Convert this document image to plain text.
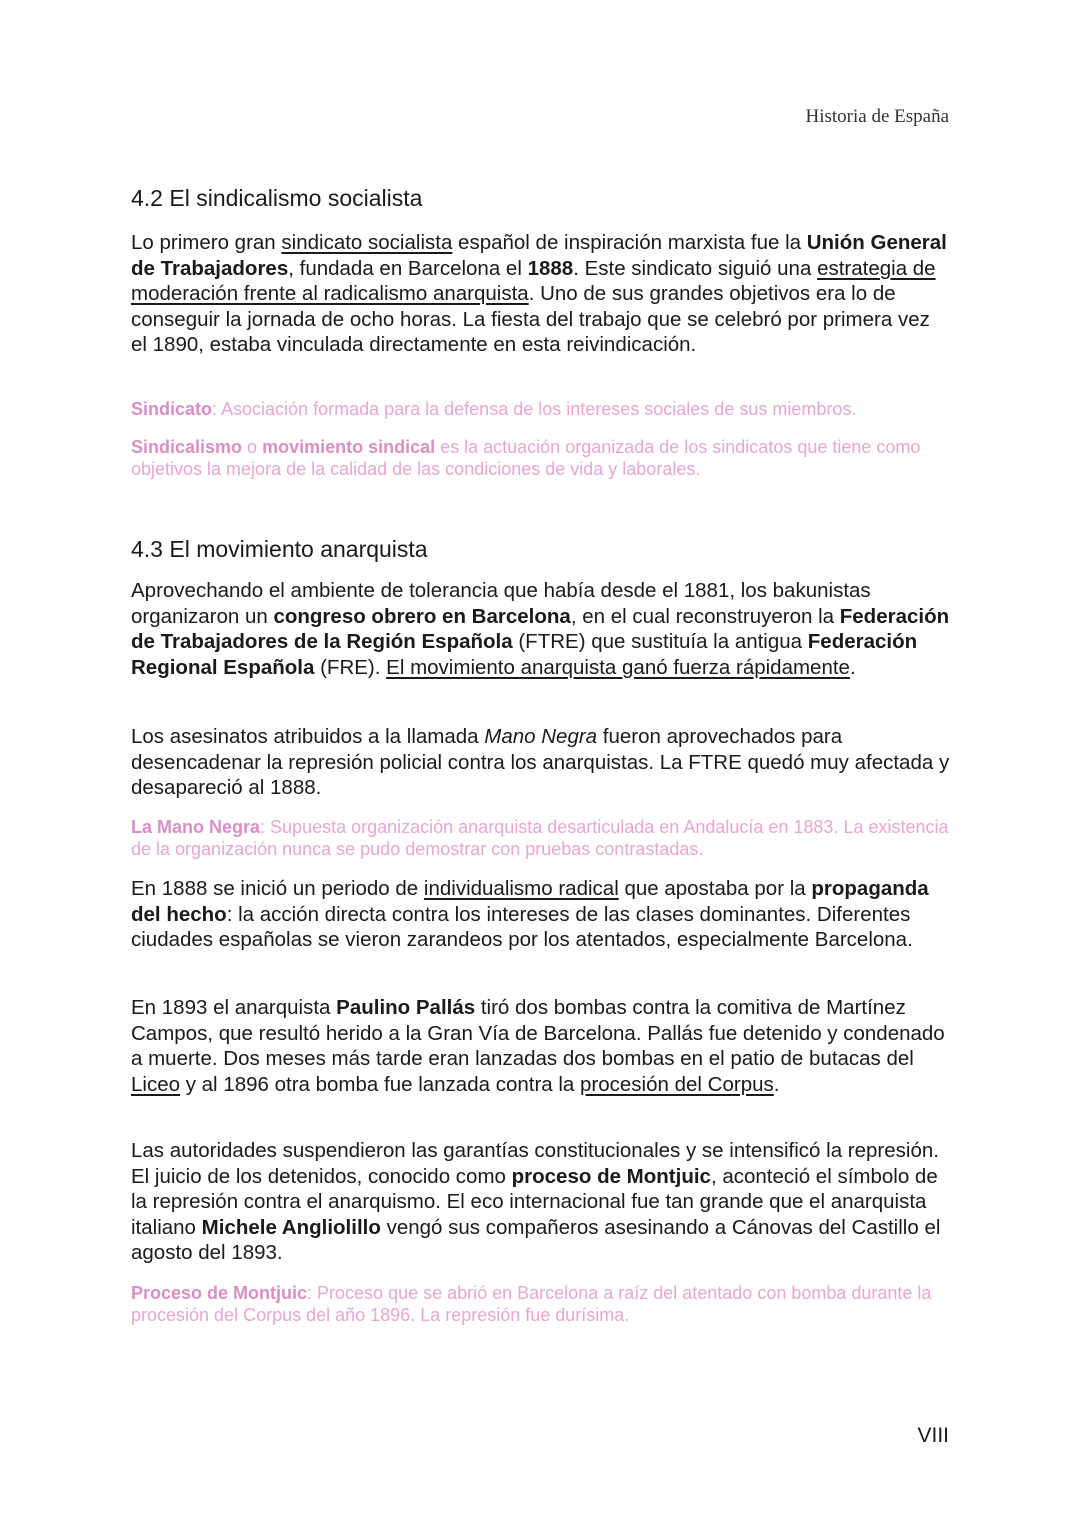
Historia de España
4.2 El sindicalismo socialista

Lo primero gran sindicato socialista español de inspiración marxista fue la Unión General de Trabajadores, fundada en Barcelona el 1888. Este sindicato siguió una estrategia de moderación frente al radicalismo anarquista. Uno de sus grandes objetivos era lo de conseguir la jornada de ocho horas. La fiesta del trabajo que se celebró por primera vez el 1890, estaba vinculada directamente en esta reivindicación.

Sindicato: Asociación formada para la defensa de los intereses sociales de sus miembros.

Sindicalismo o movimiento sindical es la actuación organizada de los sindicatos que tiene como objetivos la mejora de la calidad de las condiciones de vida y laborales.

4.3 El movimiento anarquista

Aprovechando el ambiente de tolerancia que había desde el 1881, los bakunistas organizaron un congreso obrero en Barcelona, en el cual reconstruyeron la Federación de Trabajadores de la Región Española (FTRE) que sustituía la antigua Federación Regional Española (FRE). El movimiento anarquista ganó fuerza rápidamente.

Los asesinatos atribuidos a la llamada Mano Negra fueron aprovechados para desencadenar la represión policial contra los anarquistas. La FTRE quedó muy afectada y desapareció al 1888.

La Mano Negra: Supuesta organización anarquista desarticulada en Andalucía en 1883. La existencia de la organización nunca se pudo demostrar con pruebas contrastadas.

En 1888 se inició un periodo de individualismo radical que apostaba por la propaganda del hecho: la acción directa contra los intereses de las clases dominantes. Diferentes ciudades españolas se vieron zarandeos por los atentados, especialmente Barcelona.

En 1893 el anarquista Paulino Pallás tiró dos bombas contra la comitiva de Martínez Campos, que resultó herido a la Gran Vía de Barcelona. Pallás fue detenido y condenado a muerte. Dos meses más tarde eran lanzadas dos bombas en el patio de butacas del Liceo y al 1896 otra bomba fue lanzada contra la procesión del Corpus.

Las autoridades suspendieron las garantías constitucionales y se intensificó la represión. El juicio de los detenidos, conocido como proceso de Montjuic, aconteció el símbolo de la represión contra el anarquismo. El eco internacional fue tan grande que el anarquista italiano Michele Angliolillo vengó sus compañeros asesinando a Cánovas del Castillo el agosto del 1893.

Proceso de Montjuic: Proceso que se abrió en Barcelona a raíz del atentado con bomba durante la procesión del Corpus del año 1896. La represión fue durísima.

VIII
